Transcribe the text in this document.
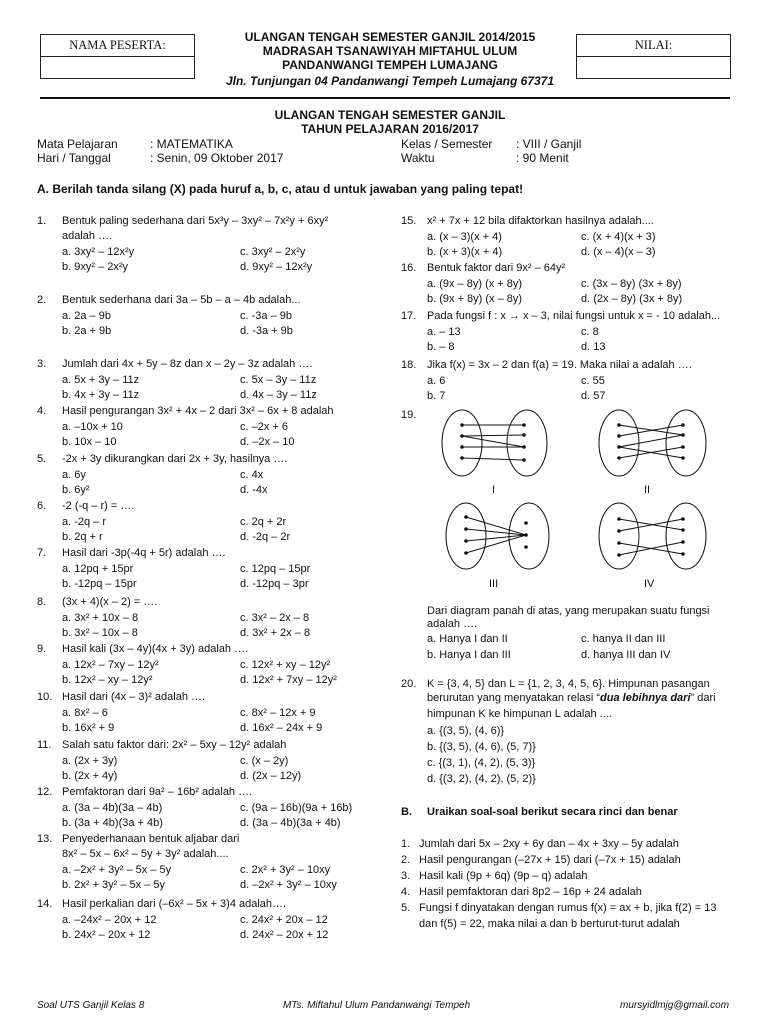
NAMA PESERTA:	NILAI:
ULANGAN TENGAH SEMESTER GANJIL 2014/2015
MADRASAH TSANAWIYAH MIFTAHUL ULUM
PANDANWANGI TEMPEH LUMAJANG
Jln. Tunjungan 04 Pandanwangi Tempeh Lumajang 67371
ULANGAN TENGAH SEMESTER GANJIL
TAHUN PELAJARAN 2016/2017
Mata Pelajaran	: MATEMATIKA
Hari / Tanggal	: Senin, 09 Oktober 2017
Kelas / Semester : VIII / Ganjil
Waktu	: 90 Menit
A. Berilah tanda silang (X) pada huruf a, b, c, atau d untuk jawaban yang paling tepat!
1. Bentuk paling sederhana dari 5x³y – 3xy² – 7x²y + 6xy²
adalah ….
a. 3xy² – 12x²y	c. 3xy² – 2x²y
b. 9xy² – 2x²y	d. 9xy² – 12x²y
2. Bentuk sederhana dari 3a – 5b – a – 4b adalah...
a. 2a – 9b	c. -3a – 9b
b. 2a + 9b	d. -3a + 9b
3. Jumlah dari 4x + 5y – 8z dan x – 2y – 3z adalah ….
a. 5x + 3y – 11z	c. 5x – 3y – 11z
b. 4x + 3y – 11z	d. 4x – 3y – 11z
4. Hasil pengurangan 3x² + 4x – 2 dari 3x² – 6x + 8 adalah
a. –10x + 10	c. –2x + 6
b. 10x – 10	d. –2x – 10
5. -2x + 3y dikurangkan dari 2x + 3y, hasilnya ….
a. 6y	c. 4x
b. 6y²	d. -4x
6. -2 (-q – r) = ….
a. -2q – r	c. 2q + 2r
b. 2q + r	d. -2q – 2r
7. Hasil dari -3p(-4q + 5r) adalah ….
a. 12pq + 15pr	c. 12pq – 15pr
b. -12pq – 15pr	d. -12pq – 3pr
8. (3x + 4)(x – 2) = ….
a. 3x² + 10x – 8	c. 3x² – 2x – 8
b. 3x² – 10x – 8	d. 3x² + 2x – 8
9. Hasil kali (3x – 4y)(4x + 3y) adalah ….
a. 12x² – 7xy – 12y²	c. 12x² + xy – 12y²
b. 12x² – xy – 12y²	d. 12x² + 7xy – 12y²
10. Hasil dari (4x – 3)² adalah ….
a. 8x² – 6	c. 8x² – 12x + 9
b. 16x² + 9	d. 16x² – 24x + 9
11. Salah satu faktor dari: 2x² – 5xy – 12y² adalah
a. (2x + 3y)	c. (x – 2y)
b. (2x + 4y)	d. (2x – 12y)
12. Pemfaktoran dari 9a² – 16b² adalah ….
a. (3a – 4b)(3a – 4b)	c. (9a – 16b)(9a + 16b)
b. (3a + 4b)(3a + 4b)	d. (3a – 4b)(3a + 4b)
13. Penyederhanaan bentuk aljabar dari
8x² – 5x – 6x² – 5y + 3y² adalah....
a. –2x² + 3y² – 5x – 5y	c. 2x² + 3y² – 10xy
b. 2x² + 3y² – 5x – 5y	d. –2x² + 3y² – 10xy
14. Hasil perkalian dari (–6x² – 5x + 3)4 adalah….
a. –24x² – 20x + 12	c. 24x² + 20x – 12
b. 24x² – 20x + 12	d. 24x² – 20x + 12
15. x² + 7x + 12 bila difaktorkan hasilnya adalah....
a. (x – 3)(x + 4)	c. (x + 4)(x + 3)
b. (x + 3)(x + 4)	d. (x – 4)(x – 3)
16. Bentuk faktor dari 9x² – 64y²
a. (9x – 8y) (x + 8y)	c. (3x – 8y) (3x + 8y)
b. (9x + 8y) (x – 8y)	d. (2x – 8y) (3x + 8y)
17. Pada fungsi f : x → x – 3, nilai fungsi untuk x = - 10 adalah...
a. – 13	c. 8
b. – 8	d. 13
18. Jika f(x) = 3x – 2 dan f(a) = 19. Maka nilai a adalah ….
a. 6	c. 55
b. 7	d. 57
19.
I	II
III	IV
Dari diagram panah di atas, yang merupakan suatu fungsi
adalah ….
a. Hanya I dan II
b. Hanya I dan III
c. hanya II dan III
d. hanya III dan IV
20. K = {3, 4, 5} dan L = {1, 2, 3, 4, 5, 6}. Himpunan pasangan
berurutan yang menyatakan relasi “dua lebihnya dari” dari
himpunan K ke himpunan L adalah ....
a. {(3, 5), (4, 6)}
b. {(3, 5), (4, 6), (5, 7)}
c. {(3, 1), (4, 2), (5, 3)}
d. {(3, 2), (4, 2), (5, 2)}
B. Uraikan soal-soal berikut secara rinci dan benar
1. Jumlah dari 5x – 2xy + 6y dan – 4x + 3xy – 5y adalah
2. Hasil pengurangan (–27x + 15) dari (–7x + 15) adalah
3. Hasil kali (9p + 6q) (9p – q) adalah
4. Hasil pemfaktoran dari 8p2 – 16p + 24 adalah
5. Fungsi f dinyatakan dengan rumus f(x) = ax + b, jika f(2) = 13
dan f(5) = 22, maka nilai a dan b berturut-turut adalah
Soal UTS Ganjil Kelas 8	MTs. Miftahul Ulum Pandanwangi Tempeh	mursyidlmjg@gmail.com
